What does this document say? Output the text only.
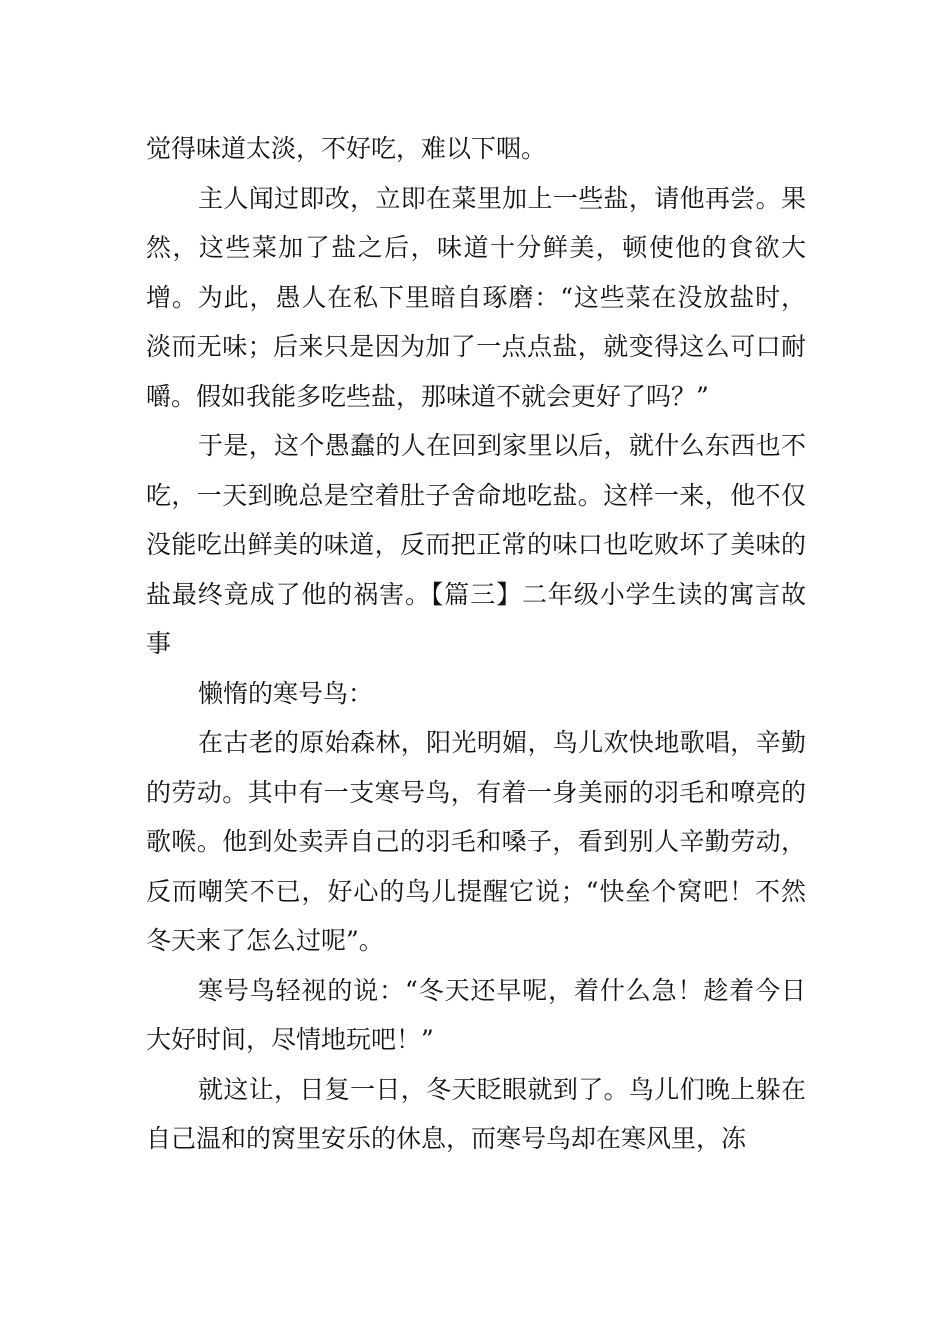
觉得味道太淡，不好吃，难以下咽。

主人闻过即改，立即在菜里加上一些盐，请他再尝。果然，这些菜加了盐之后，味道十分鲜美，顿使他的食欲大增。为此，愚人在私下里暗自琢磨：“这些菜在没放盐时，淡而无味；后来只是因为加了一点点盐，就变得这么可口耐嚼。假如我能多吃些盐，那味道不就会更好了吗？”

于是，这个愚蠢的人在回到家里以后，就什么东西也不吃，一天到晚总是空着肚子舍命地吃盐。这样一来，他不仅没能吃出鲜美的味道，反而把正常的味口也吃败坏了美味的盐最终竟成了他的祸害。【篇三】二年级小学生读的寓言故事

懒惰的寒号鸟：

在古老的原始森林，阳光明媚，鸟儿欢快地歌唱，辛勤的劳动。其中有一支寒号鸟，有着一身美丽的羽毛和嘹亮的歌喉。他到处卖弄自己的羽毛和嗓子，看到别人辛勤劳动，反而嘲笑不已，好心的鸟儿提醒它说；“快垒个窝吧！不然冬天来了怎么过呢”。

寒号鸟轻视的说：“冬天还早呢，着什么急！趁着今日大好时间，尽情地玩吧！”

就这让，日复一日，冬天眨眼就到了。鸟儿们晚上躲在自己温和的窝里安乐的休息，而寒号鸟却在寒风里，冻
